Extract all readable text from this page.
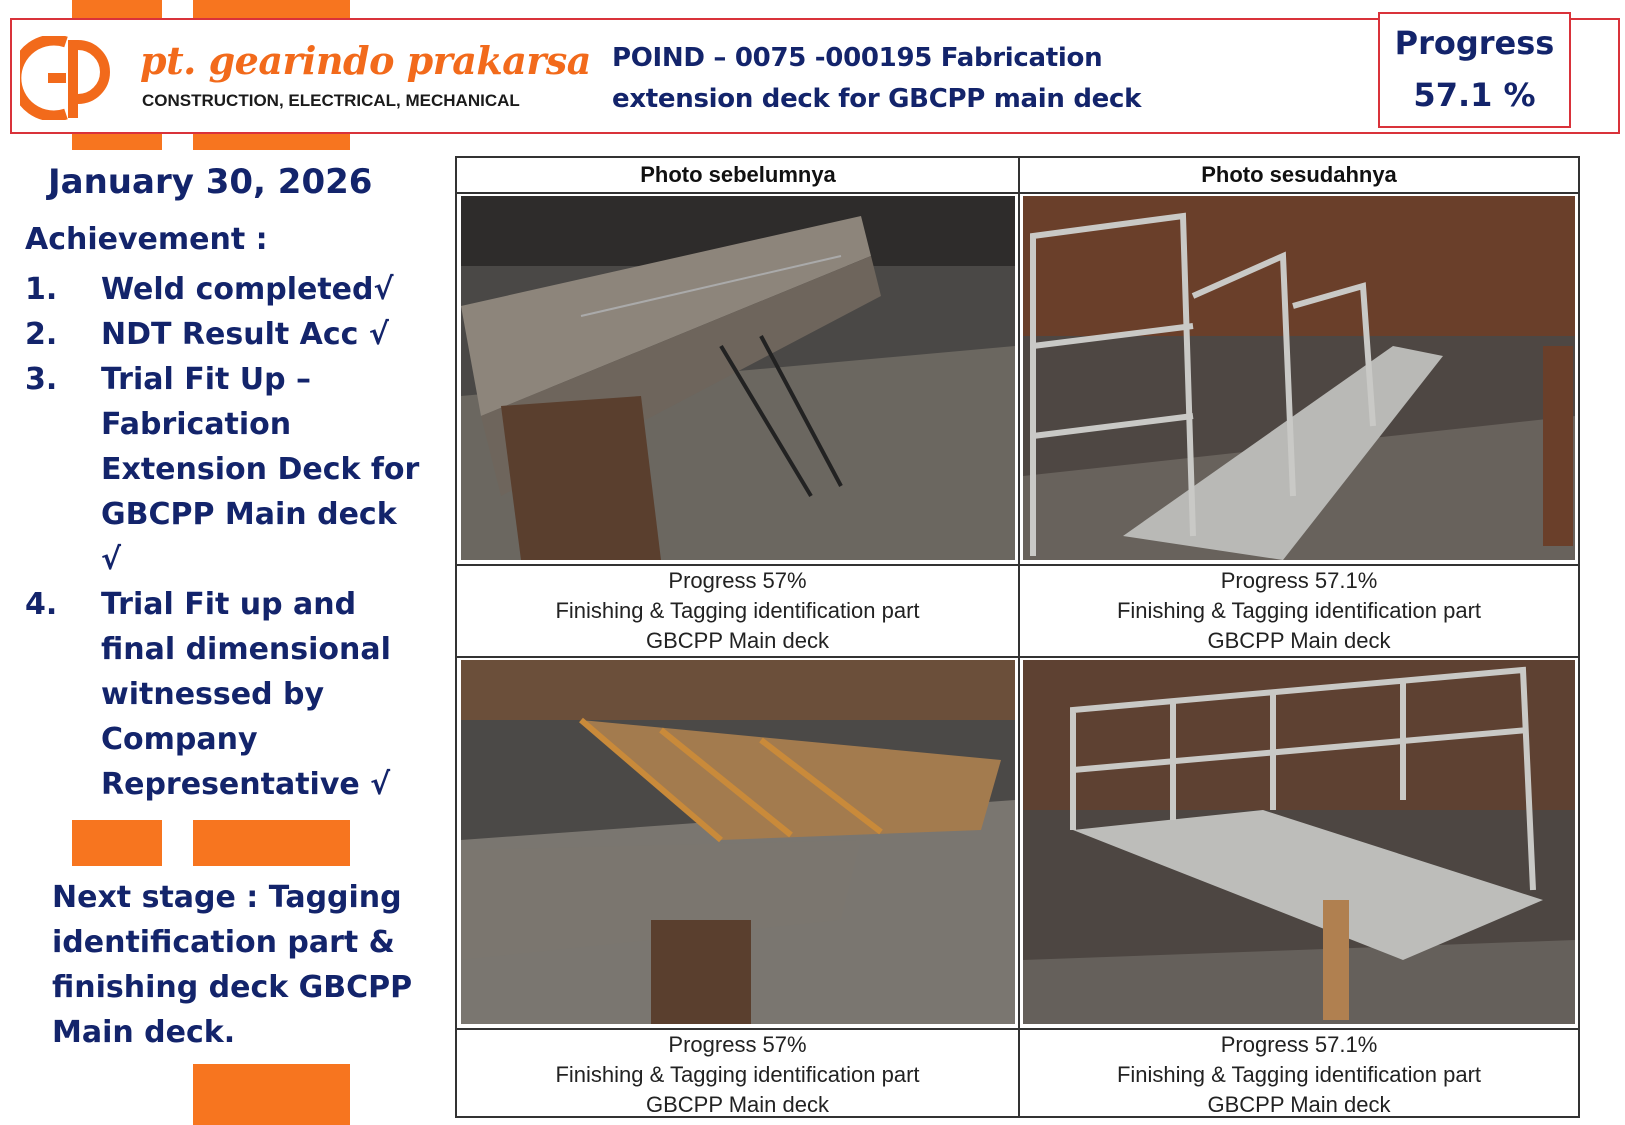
pt. gearindo prakarsa
CONSTRUCTION, ELECTRICAL, MECHANICAL
POIND – 0075 -000195 Fabrication
extension deck for GBCPP main deck
Progress
57.1 %
January 30, 2026
Achievement :
1. Weld completed√
2. NDT Result Acc √
3. Trial Fit Up – Fabrication Extension Deck for GBCPP Main deck √
4. Trial Fit up and final dimensional witnessed by Company Representative √
Next stage : Tagging identification part & finishing deck GBCPP Main deck.
Photo sebelumnya	Photo sesudahnya
Progress 57%
Finishing & Tagging identification part
GBCPP Main deck
Progress 57.1%
Finishing & Tagging identification part
GBCPP Main deck
Progress 57%
Finishing & Tagging identification part
GBCPP Main deck
Progress 57.1%
Finishing & Tagging identification part
GBCPP Main deck
